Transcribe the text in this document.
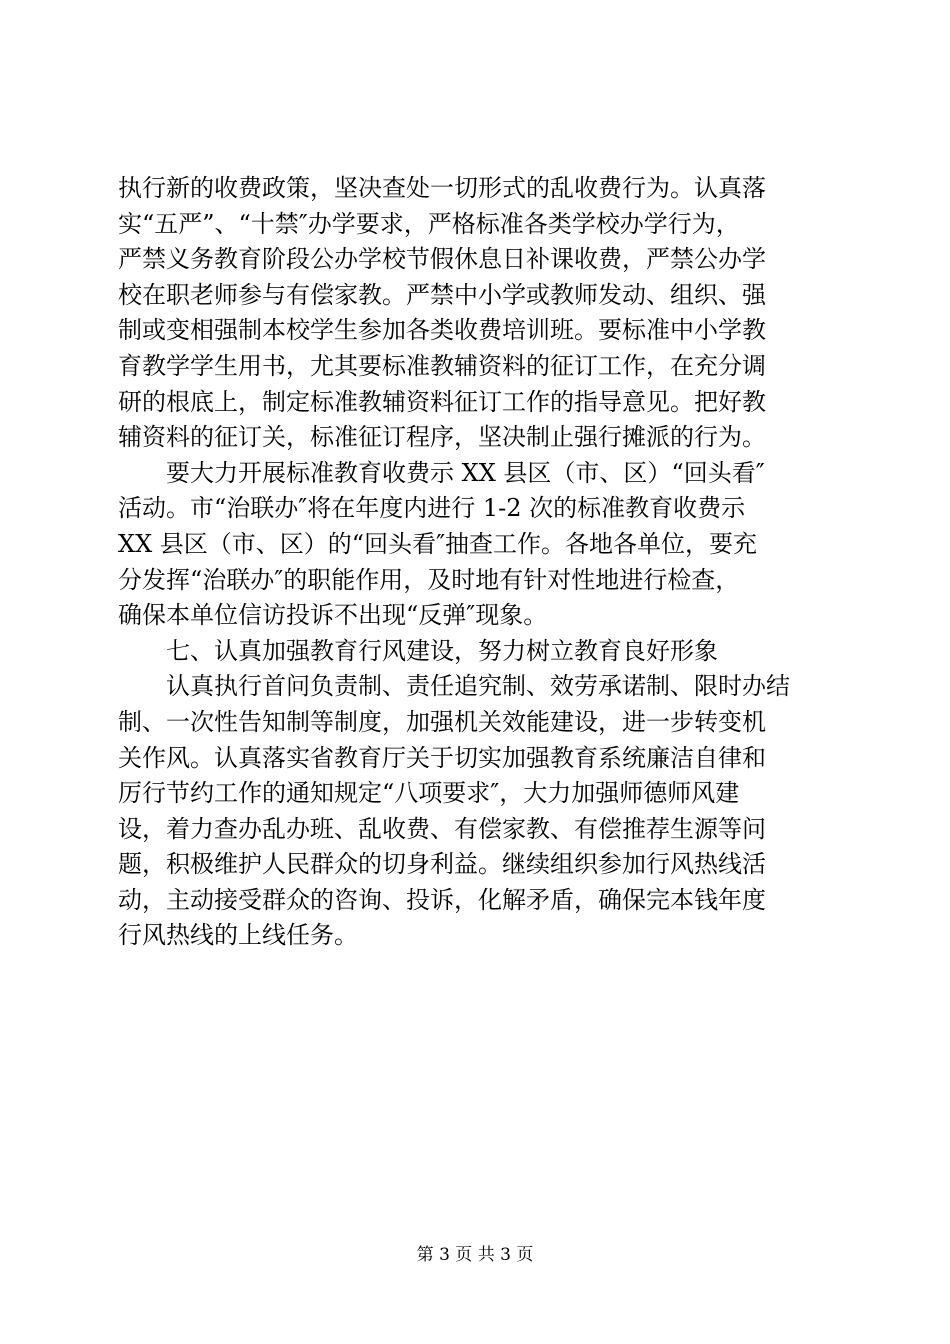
执行新的收费政策，坚决查处一切形式的乱收费行为。认真落
实“五严”、“十禁″办学要求，严格标准各类学校办学行为，
严禁义务教育阶段公办学校节假休息日补课收费，严禁公办学
校在职老师参与有偿家教。严禁中小学或教师发动、组织、强
制或变相强制本校学生参加各类收费培训班。要标准中小学教
育教学学生用书，尤其要标准教辅资料的征订工作，在充分调
研的根底上，制定标准教辅资料征订工作的指导意见。把好教
辅资料的征订关，标准征订程序，坚决制止强行摊派的行为。
　　要大力开展标准教育收费示 XX 县区（市、区）“回头看″
活动。市“治联办″将在年度内进行 1-2 次的标准教育收费示
XX 县区（市、区）的“回头看″抽查工作。各地各单位，要充
分发挥“治联办″的职能作用，及时地有针对性地进行检查，
确保本单位信访投诉不出现“反弹″现象。
　　七、认真加强教育行风建设，努力树立教育良好形象
　　认真执行首问负责制、责任追究制、效劳承诺制、限时办结
制、一次性告知制等制度，加强机关效能建设，进一步转变机
关作风。认真落实省教育厅关于切实加强教育系统廉洁自律和
厉行节约工作的通知规定“八项要求″，大力加强师德师风建
设，着力查办乱办班、乱收费、有偿家教、有偿推荐生源等问
题，积极维护人民群众的切身利益。继续组织参加行风热线活
动，主动接受群众的咨询、投诉，化解矛盾，确保完本钱年度
行风热线的上线任务。
第 3 页 共 3 页
